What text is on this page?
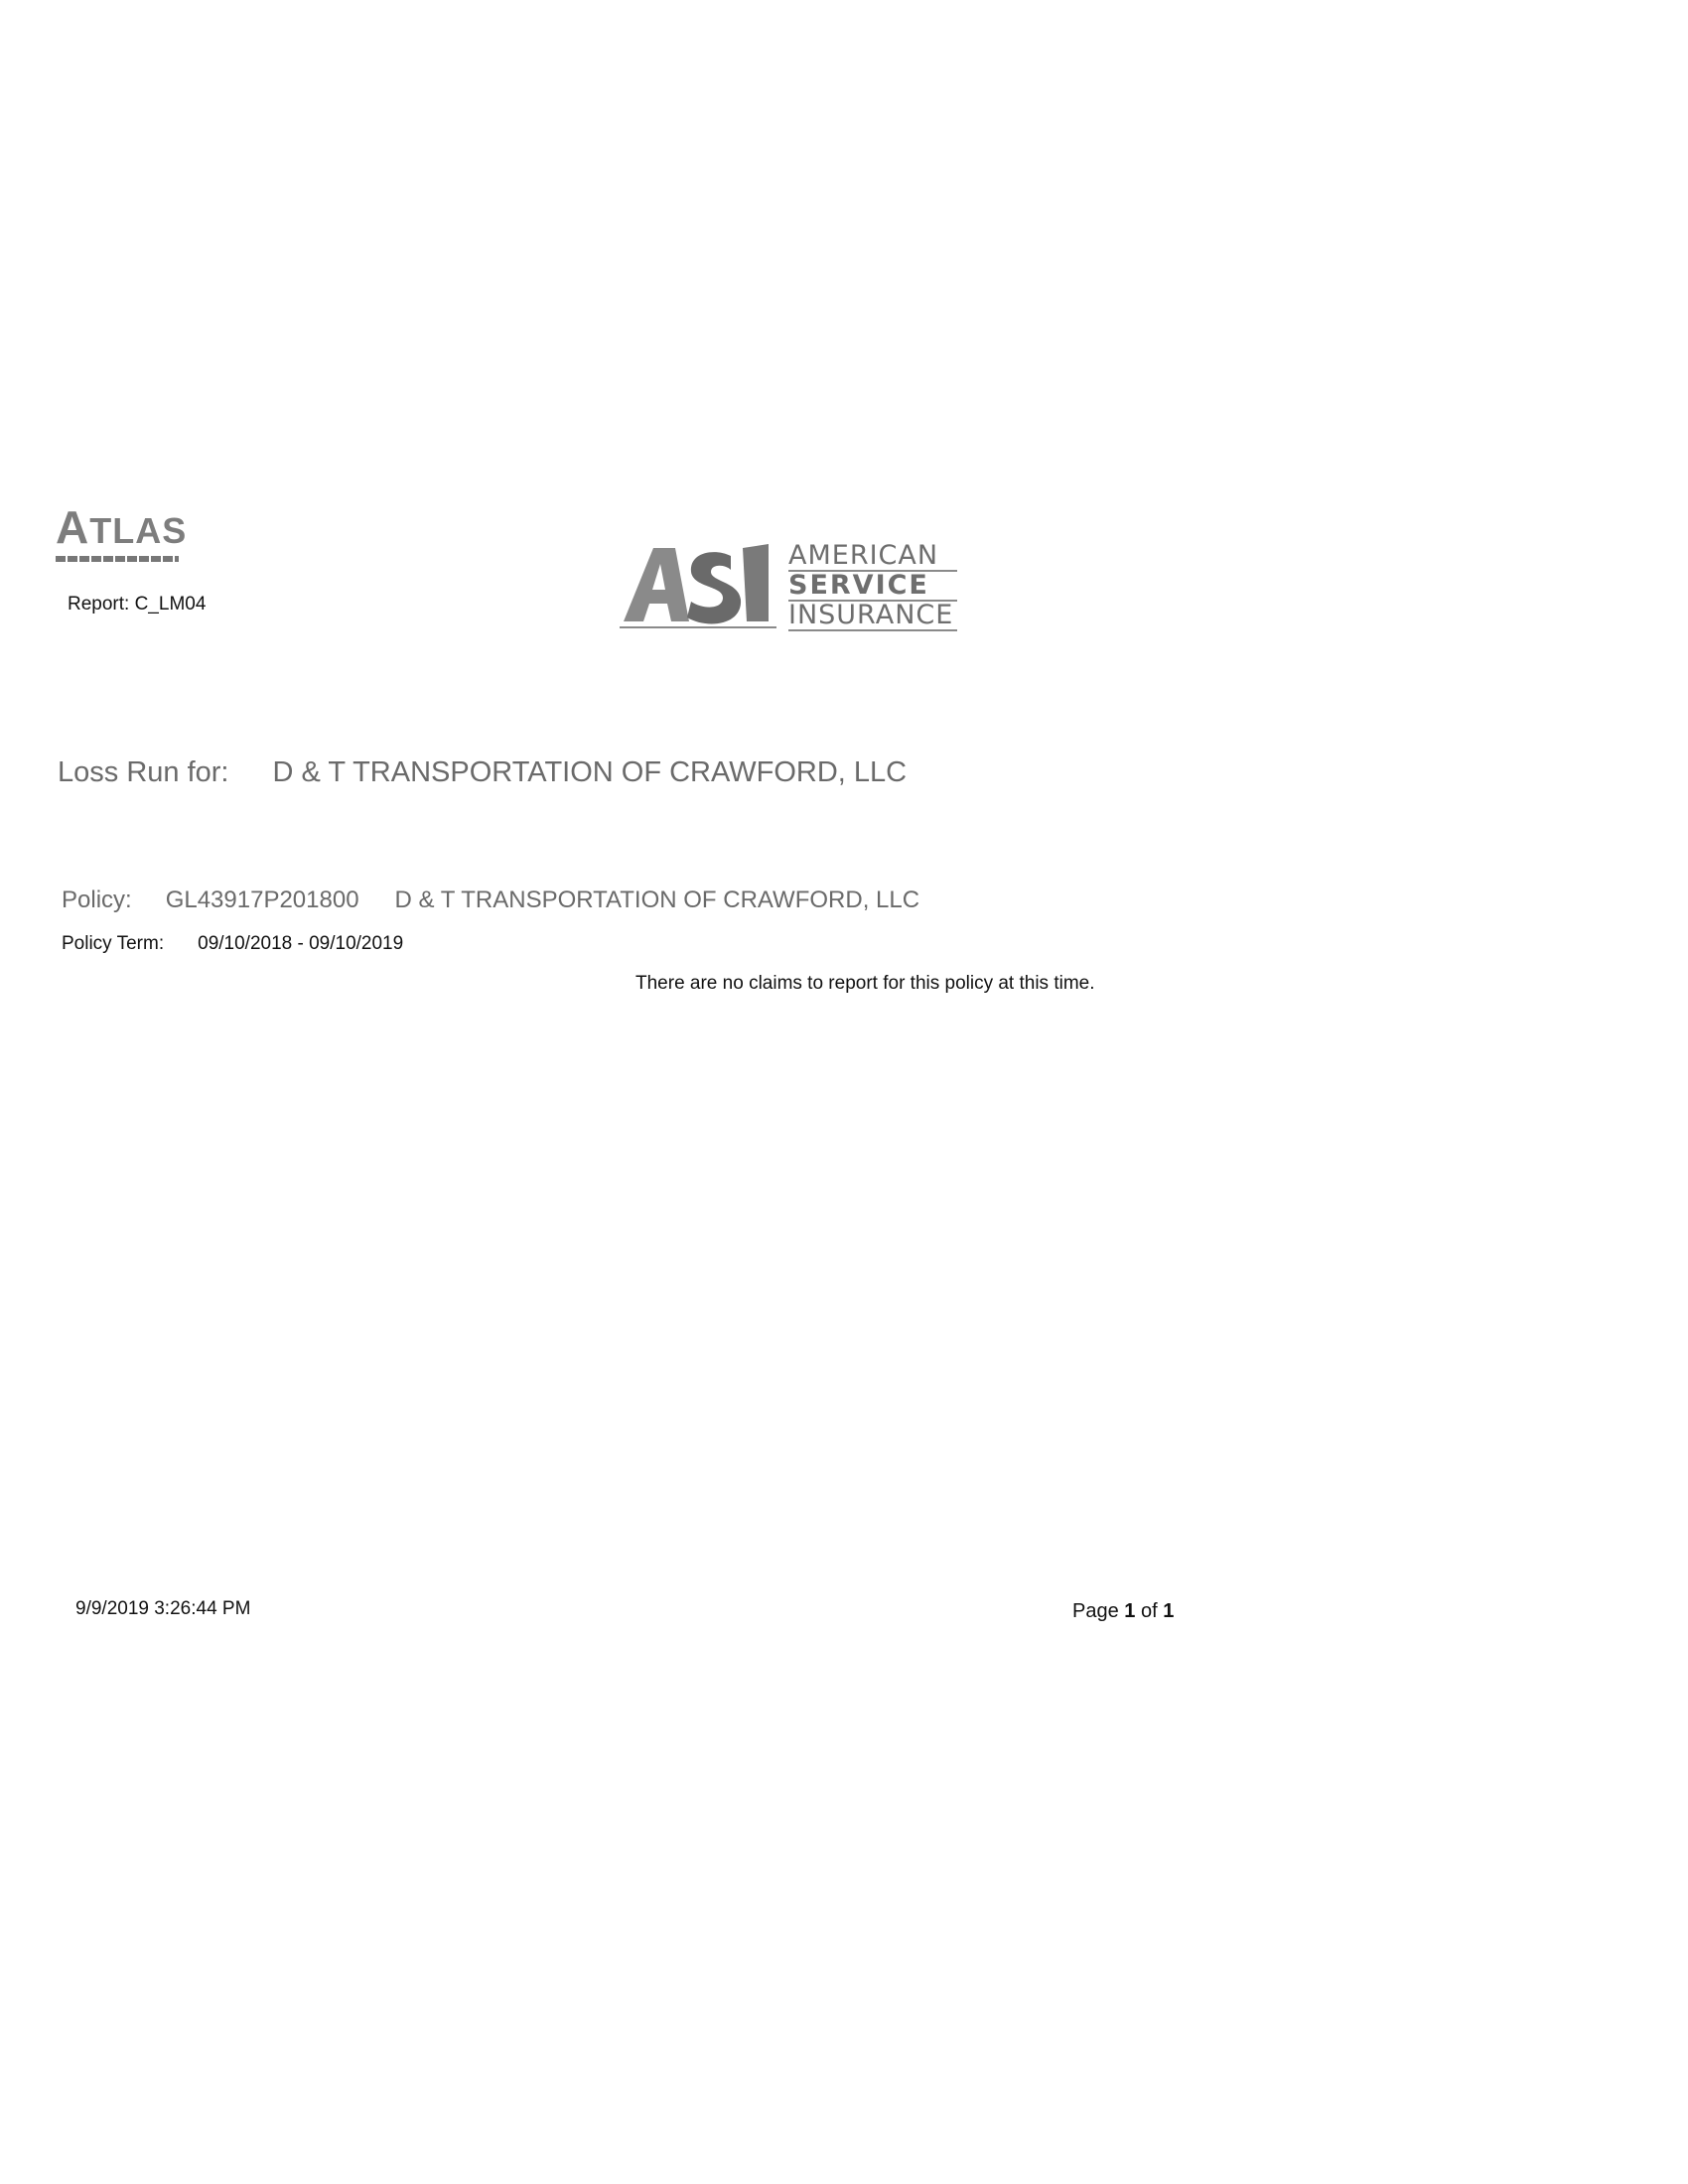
ATLAS
Report: C_LM04
AMERICAN
SERVICE
INSURANCE
Loss Run for: D & T TRANSPORTATION OF CRAWFORD, LLC
Policy: GL43917P201800 D & T TRANSPORTATION OF CRAWFORD, LLC
Policy Term: 09/10/2018 - 09/10/2019
There are no claims to report for this policy at this time.
9/9/2019 3:26:44 PM	Page 1 of 1
